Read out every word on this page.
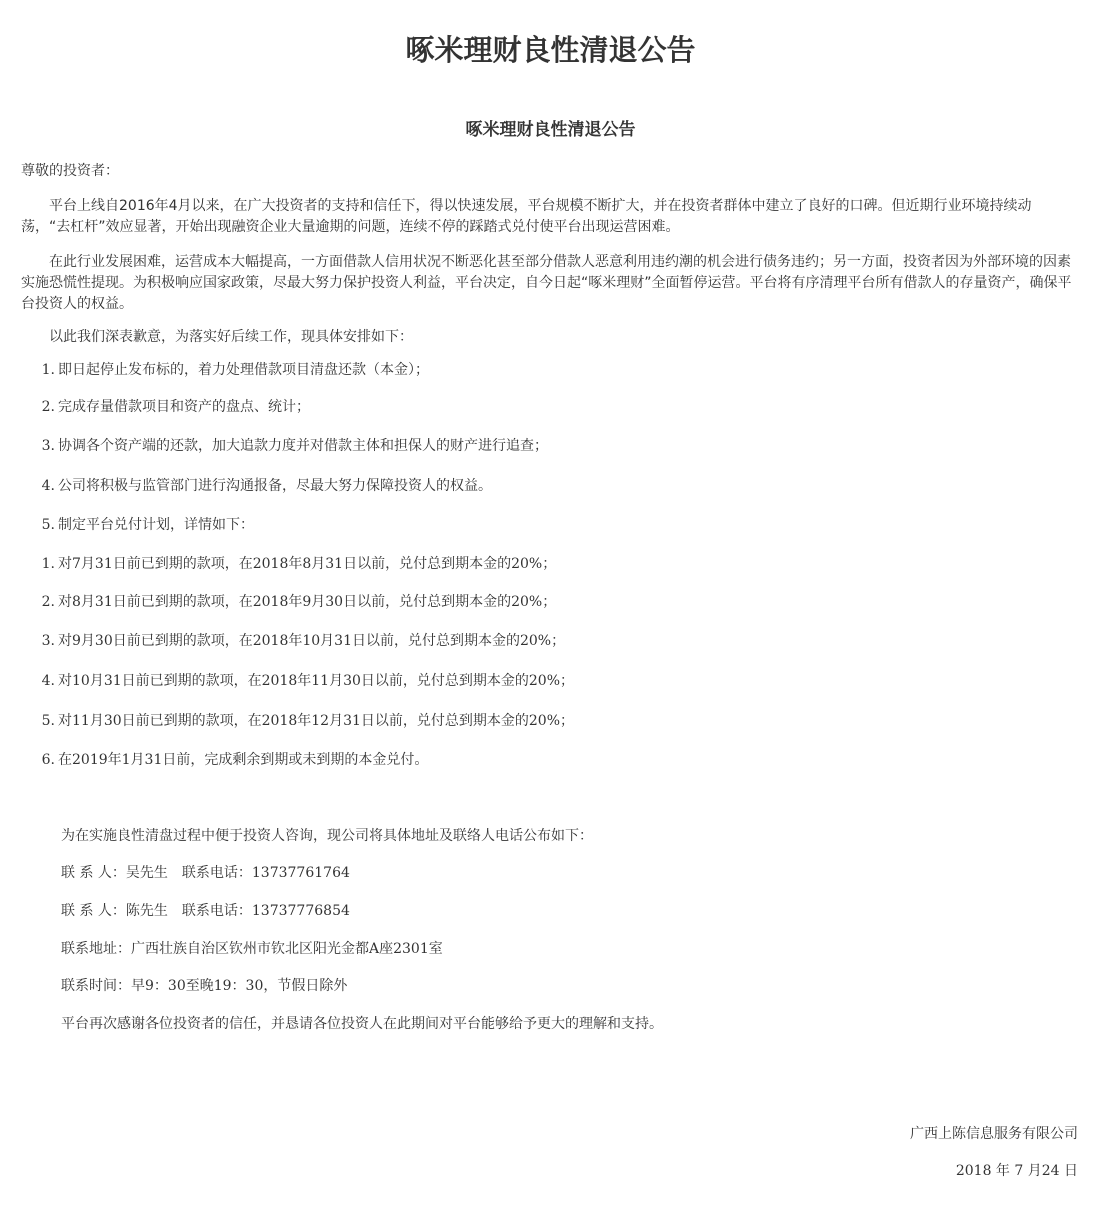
啄米理财良性清退公告
啄米理财良性清退公告

尊敬的投资者：

平台上线自2016年4月以来，在广大投资者的支持和信任下，得以快速发展，平台规模不断扩大，并在投资者群体中建立了良好的口碑。但近期行业环境持续动荡，“去杠杆”效应显著，开始出现融资企业大量逾期的问题，连续不停的踩踏式兑付使平台出现运营困难。

在此行业发展困难，运营成本大幅提高，一方面借款人信用状况不断恶化甚至部分借款人恶意利用违约潮的机会进行债务违约；另一方面，投资者因为外部环境的因素实施恐慌性提现。为积极响应国家政策，尽最大努力保护投资人利益，平台决定，自今日起“啄米理财”全面暂停运营。平台将有序清理平台所有借款人的存量资产，确保平台投资人的权益。

以此我们深表歉意，为落实好后续工作，现具体安排如下：

1. 即日起停止发布标的，着力处理借款项目清盘还款（本金）；
2. 完成存量借款项目和资产的盘点、统计；
3. 协调各个资产端的还款，加大追款力度并对借款主体和担保人的财产进行追查；
4. 公司将积极与监管部门进行沟通报备，尽最大努力保障投资人的权益。
5. 制定平台兑付计划，详情如下：
1. 对7月31日前已到期的款项，在2018年8月31日以前，兑付总到期本金的20%；
2. 对8月31日前已到期的款项，在2018年9月30日以前，兑付总到期本金的20%；
3. 对9月30日前已到期的款项，在2018年10月31日以前，兑付总到期本金的20%；
4. 对10月31日前已到期的款项，在2018年11月30日以前，兑付总到期本金的20%；
5. 对11月30日前已到期的款项，在2018年12月31日以前，兑付总到期本金的20%；
6. 在2019年1月31日前，完成剩余到期或未到期的本金兑付。
为在实施良性清盘过程中便于投资人咨询，现公司将具体地址及联络人电话公布如下：
联 系 人：吴先生　联系电话：13737761764
联 系 人：陈先生　联系电话：13737776854
联系地址：广西壮族自治区钦州市钦北区阳光金都A座2301室
联系时间：早9：30至晚19：30，节假日除外
平台再次感谢各位投资者的信任，并恳请各位投资人在此期间对平台能够给予更大的理解和支持。
广西上陈信息服务有限公司
2018 年 7 月24 日
